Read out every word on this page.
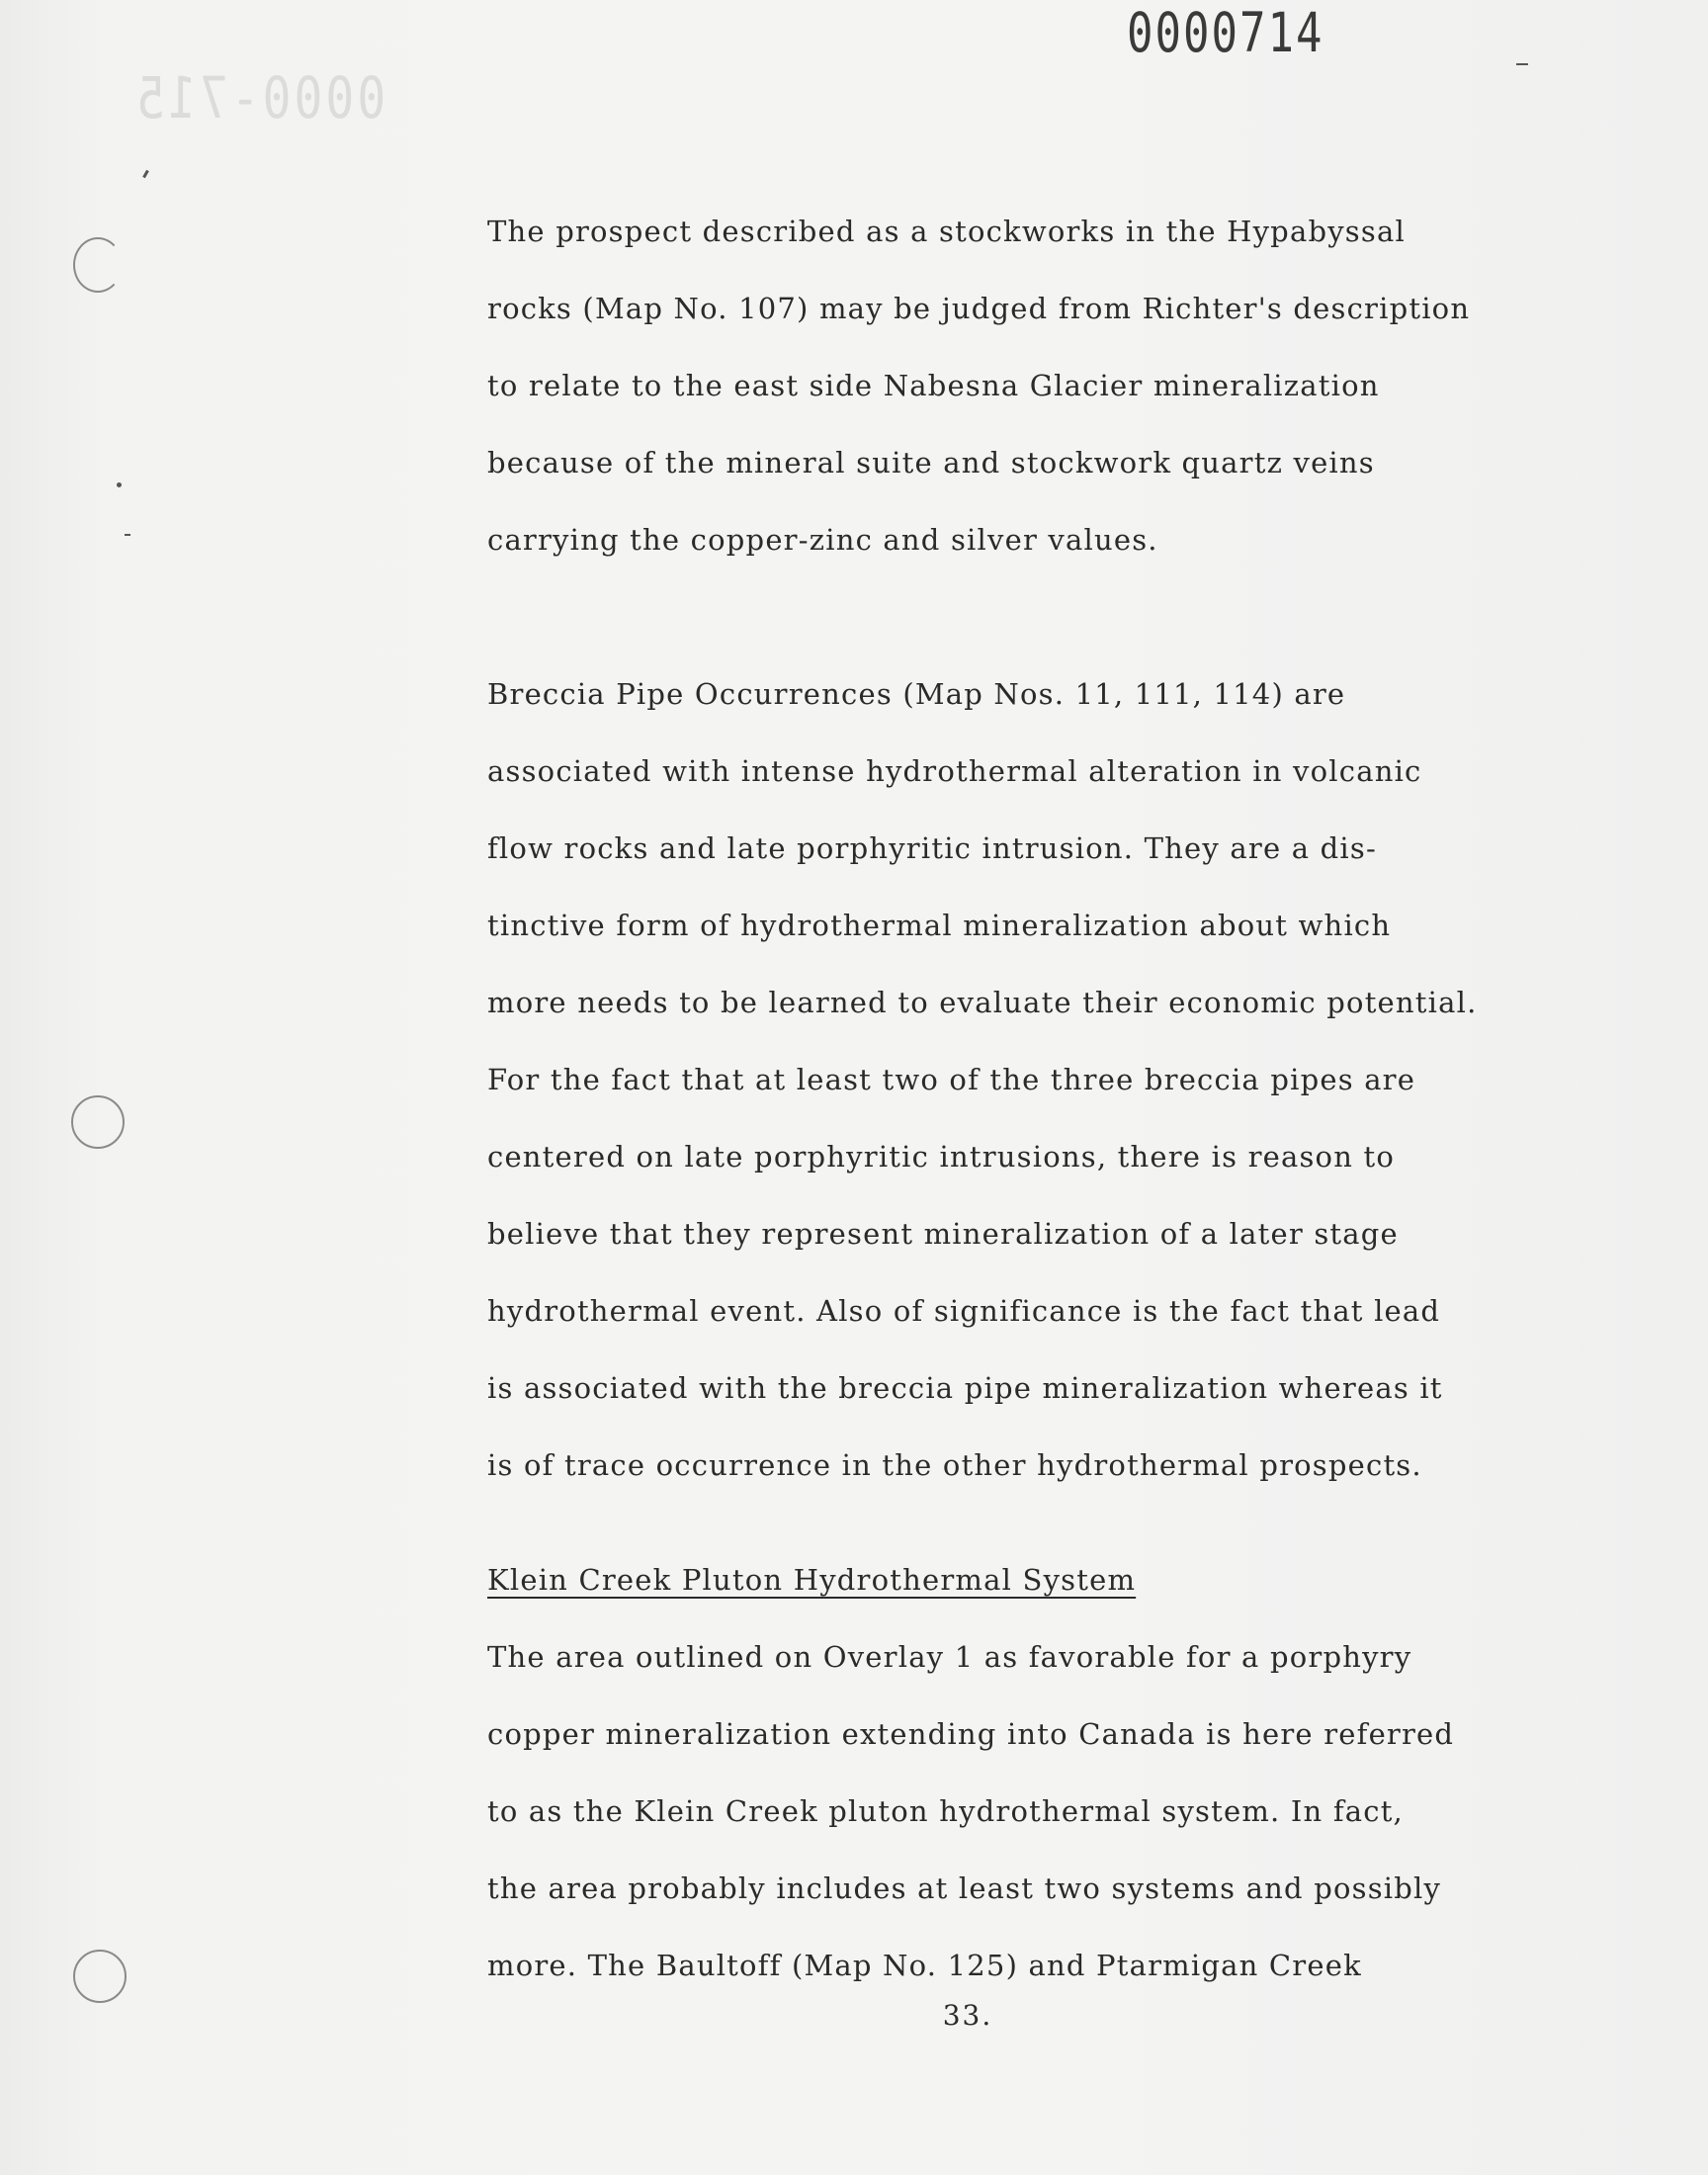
0000-715
0000714
The prospect described as a stockworks in the Hypabyssal
rocks (Map No. 107) may be judged from Richter's description
to relate to the east side Nabesna Glacier mineralization
because of the mineral suite and stockwork quartz veins
carrying the copper-zinc and silver values.
Breccia Pipe Occurrences (Map Nos. 11, 111, 114) are
associated with intense hydrothermal alteration in volcanic
flow rocks and late porphyritic intrusion. They are a dis-
tinctive form of hydrothermal mineralization about which
more needs to be learned to evaluate their economic potential.
For the fact that at least two of the three breccia pipes are
centered on late porphyritic intrusions, there is reason to
believe that they represent mineralization of a later stage
hydrothermal event. Also of significance is the fact that lead
is associated with the breccia pipe mineralization whereas it
is of trace occurrence in the other hydrothermal prospects.
Klein Creek Pluton Hydrothermal System
The area outlined on Overlay 1 as favorable for a porphyry
copper mineralization extending into Canada is here referred
to as the Klein Creek pluton hydrothermal system. In fact,
the area probably includes at least two systems and possibly
more. The Baultoff (Map No. 125) and Ptarmigan Creek
33.
